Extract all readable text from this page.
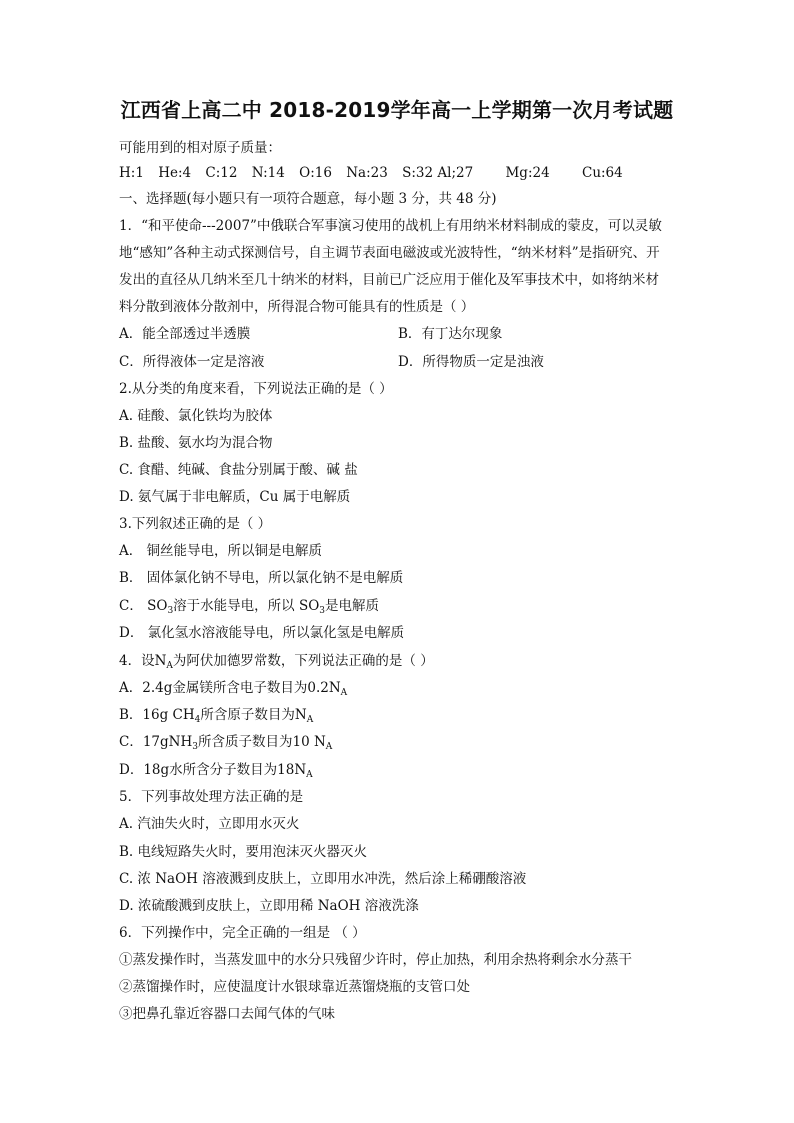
江西省上高二中 2018-2019学年高一上学期第一次月考试题
可能用到的相对原子质量：
H:1 He:4 C:12 N:14 O:16 Na:23 S:32 Al;27 Mg:24 Cu:64
一、选择题(每小题只有一项符合题意，每小题 3 分，共 48 分)
1．“和平使命---2007”中俄联合军事演习使用的战机上有用纳米材料制成的蒙皮，可以灵敏
地“感知”各种主动式探测信号，自主调节表面电磁波或光波特性，“纳米材料”是指研究、开
发出的直径从几纳米至几十纳米的材料，目前已广泛应用于催化及军事技术中，如将纳米材
料分散到液体分散剂中，所得混合物可能具有的性质是（ ）
A．能全部透过半透膜	B．有丁达尔现象
C．所得液体一定是溶液	D．所得物质一定是浊液
2.从分类的角度来看，下列说法正确的是（ ）
A. 硅酸、氯化铁均为胶体
B. 盐酸、氨水均为混合物
C. 食醋、纯碱、食盐分别属于酸、碱 盐
D. 氨气属于非电解质，Cu 属于电解质
3.下列叙述正确的是（ ）
A． 铜丝能导电，所以铜是电解质
B． 固体氯化钠不导电，所以氯化钠不是电解质
C． $SO_3$溶于水能导电，所以 $SO_3$是电解质
D． 氯化氢水溶液能导电，所以氯化氢是电解质
4．设$N_A$为阿伏加德罗常数，下列说法正确的是（ ）
A．2.4g金属镁所含电子数目为$0.2N_A$
B．16g $CH_4$所含原子数目为$N_A$
C．17gNH$_3$所含质子数目为10 $N_A$
D．18g水所含分子数目为$18N_A$
5．下列事故处理方法正确的是
A. 汽油失火时，立即用水灭火
B. 电线短路失火时，要用泡沫灭火器灭火
C. 浓 NaOH 溶液溅到皮肤上，立即用水冲洗，然后涂上稀硼酸溶液
D. 浓硫酸溅到皮肤上，立即用稀 NaOH 溶液洗涤
6．下列操作中，完全正确的一组是 （ ）
①蒸发操作时，当蒸发皿中的水分只残留少许时，停止加热，利用余热将剩余水分蒸干
②蒸馏操作时，应使温度计水银球靠近蒸馏烧瓶的支管口处
③把鼻孔靠近容器口去闻气体的气味
